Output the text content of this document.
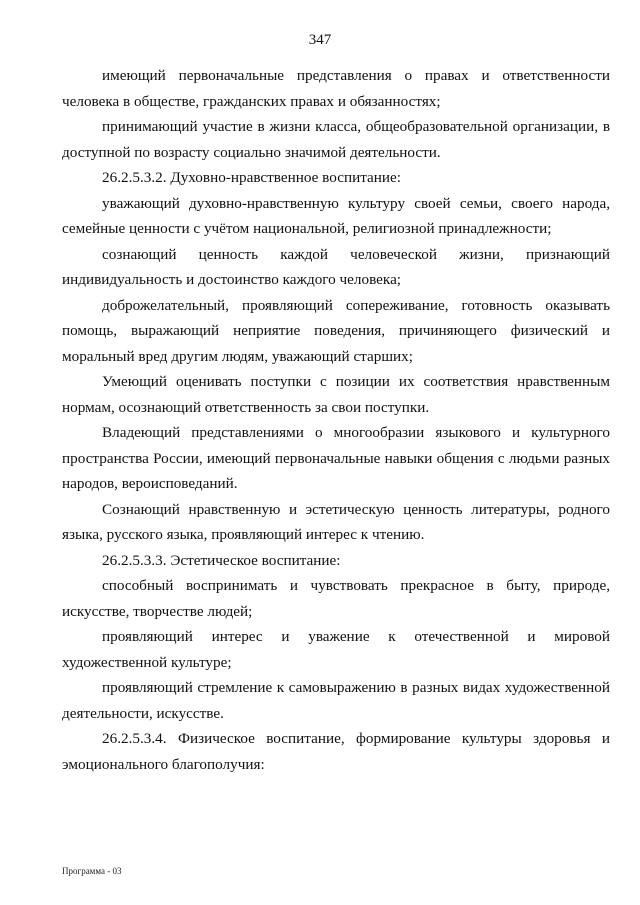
347

имеющий первоначальные представления о правах и ответственности человека в обществе, гражданских правах и обязанностях;

принимающий участие в жизни класса, общеобразовательной организации, в доступной по возрасту социально значимой деятельности.

26.2.5.3.2. Духовно-нравственное воспитание:

уважающий духовно-нравственную культуру своей семьи, своего народа, семейные ценности с учётом национальной, религиозной принадлежности;

сознающий ценность каждой человеческой жизни, признающий индивидуальность и достоинство каждого человека;

доброжелательный, проявляющий сопереживание, готовность оказывать помощь, выражающий неприятие поведения, причиняющего физический и моральный вред другим людям, уважающий старших;

Умеющий оценивать поступки с позиции их соответствия нравственным нормам, осознающий ответственность за свои поступки.

Владеющий представлениями о многообразии языкового и культурного пространства России, имеющий первоначальные навыки общения с людьми разных народов, вероисповеданий.

Сознающий нравственную и эстетическую ценность литературы, родного языка, русского языка, проявляющий интерес к чтению.

26.2.5.3.3. Эстетическое воспитание:

способный воспринимать и чувствовать прекрасное в быту, природе, искусстве, творчестве людей;

проявляющий интерес и уважение к отечественной и мировой художественной культуре;

проявляющий стремление к самовыражению в разных видах художественной деятельности, искусстве.

26.2.5.3.4. Физическое воспитание, формирование культуры здоровья и эмоционального благополучия:

Программа - 03
